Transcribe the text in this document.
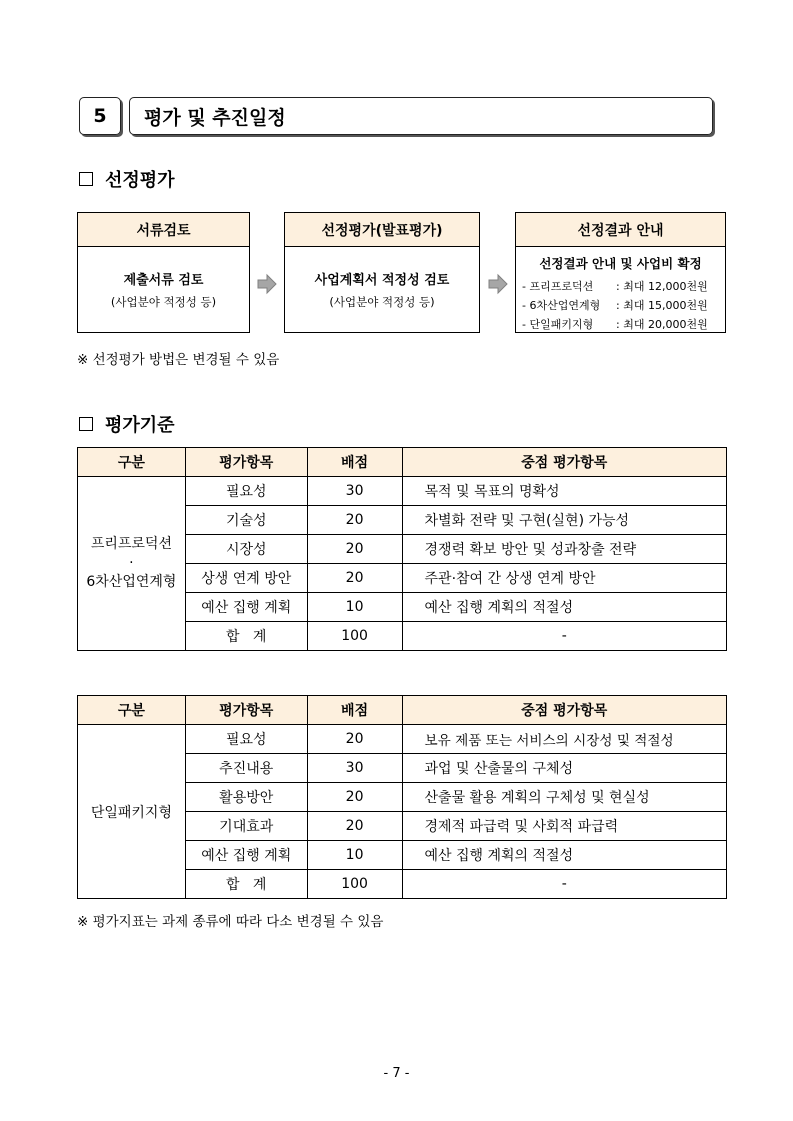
5	평가 및 추진일정
선정평가
서류검토
제출서류 검토
(사업분야 적정성 등)
선정평가(발표평가)
사업계획서 적정성 검토
(사업분야 적정성 등)
선정결과 안내
선정결과 안내 및 사업비 확정
- 프리프로덕션	: 최대 12,000천원
- 6차산업연계형	: 최대 15,000천원
- 단일패키지형	: 최대 20,000천원
※ 선정평가 방법은 변경될 수 있음
평가기준
구분	평가항목	배점	중점 평가항목

프리프로덕션
·
6차산업연계형	필요성	30	목적 및 목표의 명확성
	기술성	20	차별화 전략 및 구현(실현) 가능성
	시장성	20	경쟁력 확보 방안 및 성과창출 전략
	상생 연계 방안	20	주관·참여 간 상생 연계 방안
	예산 집행 계획	10	예산 집행 계획의 적절성
	합   계	100	-
구분	평가항목	배점	중점 평가항목
단일패키지형	필요성	20	보유 제품 또는 서비스의 시장성 및 적절성
	추진내용	30	과업 및 산출물의 구체성
	활용방안	20	산출물 활용 계획의 구체성 및 현실성
	기대효과	20	경제적 파급력 및 사회적 파급력
	예산 집행 계획	10	예산 집행 계획의 적절성
	합   계	100	-
※ 평가지표는 과제 종류에 따라 다소 변경될 수 있음
- 7 -
